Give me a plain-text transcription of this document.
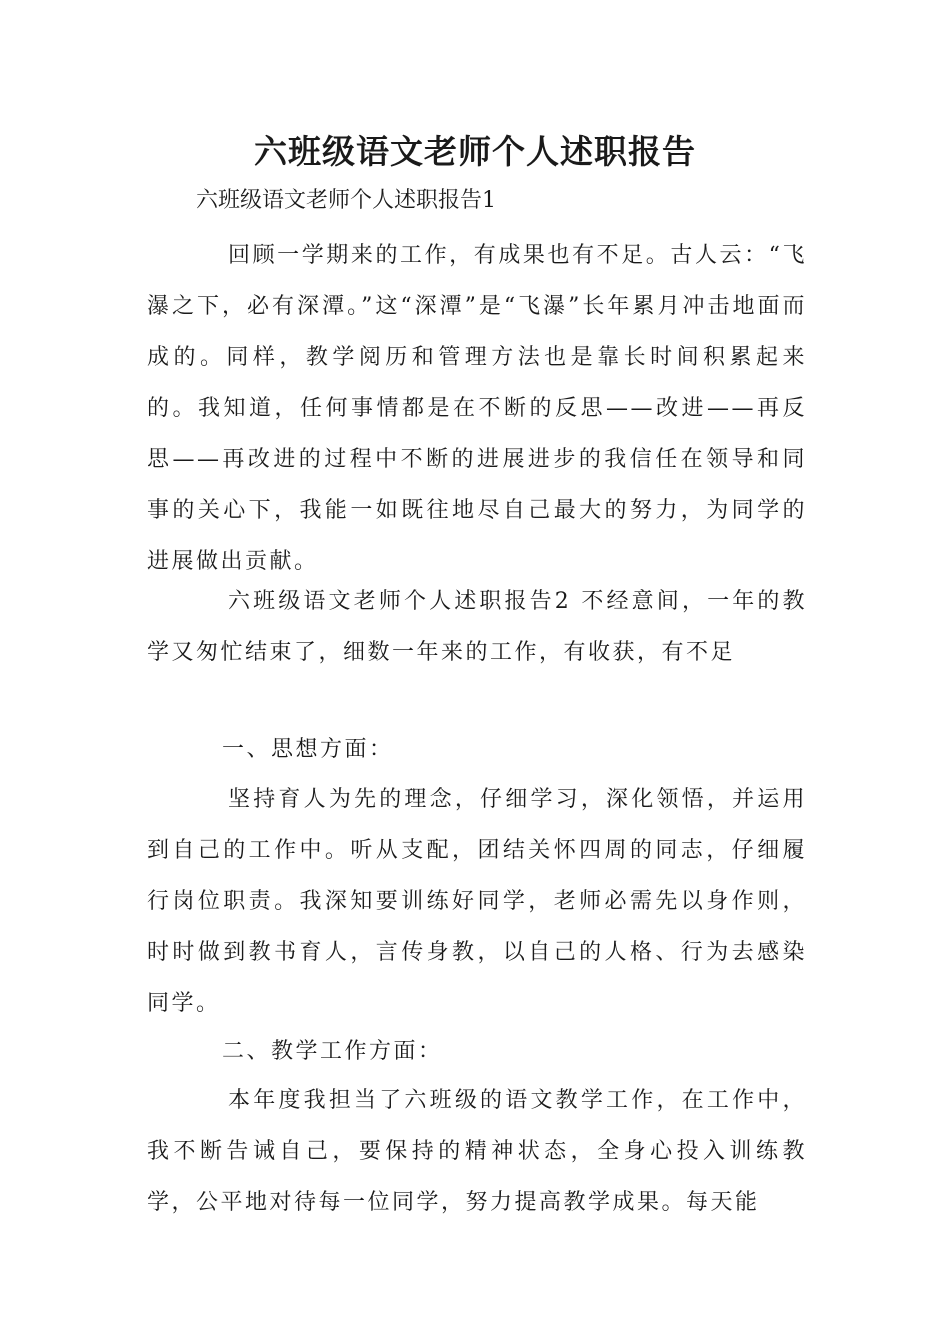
六班级语文老师个人述职报告

六班级语文老师个人述职报告1

回顾一学期来的工作，有成果也有不足。古人云：“飞瀑之下，必有深潭。”这“深潭”是“飞瀑”长年累月冲击地面而成的。同样，教学阅历和管理方法也是靠长时间积累起来的。我知道，任何事情都是在不断的反思——改进——再反思——再改进的过程中不断的进展进步的我信任在领导和同事的关心下，我能一如既往地尽自己最大的努力，为同学的进展做出贡献。

六班级语文老师个人述职报告2 不经意间，一年的教学又匆忙结束了，细数一年来的工作，有收获，有不足

一、思想方面：

坚持育人为先的理念，仔细学习，深化领悟，并运用到自己的工作中。听从支配，团结关怀四周的同志，仔细履行岗位职责。我深知要训练好同学，老师必需先以身作则，时时做到教书育人，言传身教，以自己的人格、行为去感染同学。

二、教学工作方面：

本年度我担当了六班级的语文教学工作，在工作中，我不断告诫自己，要保持的精神状态，全身心投入训练教学，公平地对待每一位同学，努力提高教学成果。每天能
